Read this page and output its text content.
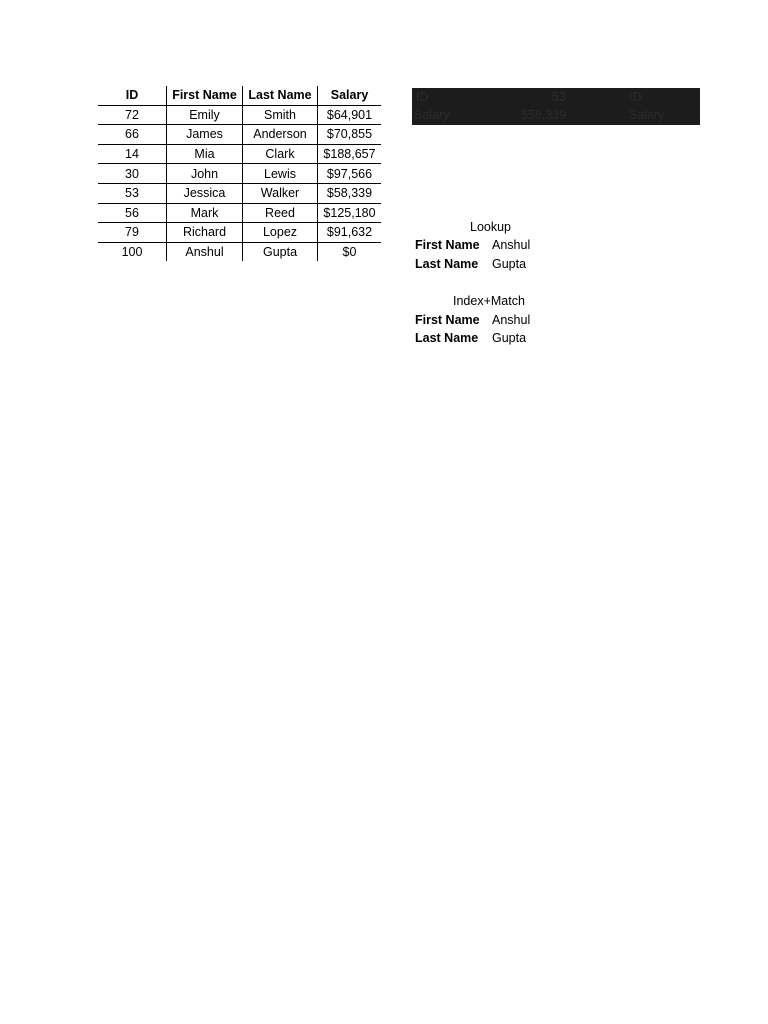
ID	First Name	Last Name	Salary
72	Emily	Smith	$64,901
66	James	Anderson	$70,855
14	Mia	Clark	$188,657
30	John	Lewis	$97,566
53	Jessica	Walker	$58,339
56	Mark	Reed	$125,180
79	Richard	Lopez	$91,632
100	Anshul	Gupta	$0
ID	53	ID
Salary	$58,339	Salary
Lookup
First Name Anshul
Last Name Gupta
Index+Match
First Name Anshul
Last Name Gupta
